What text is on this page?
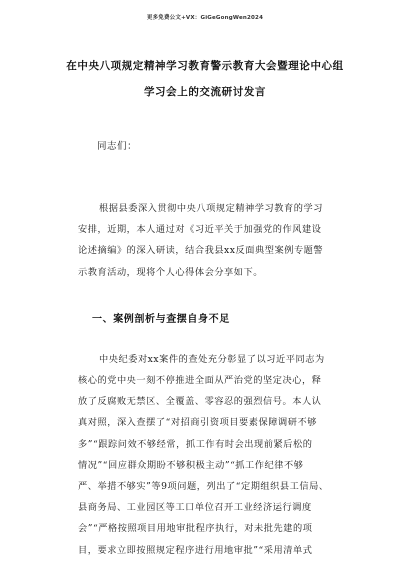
更多免费公文+VX：GiGeGongWen2024
在中央八项规定精神学习教育警示教育大会暨理论中心组
学习会上的交流研讨发言
同志们：
根据县委深入贯彻中央八项规定精神学习教育的学习
安排，近期，本人通过对《习近平关于加强党的作风建设
论述摘编》的深入研读，结合我县xx反面典型案例专题警
示教育活动，现将个人心得体会分享如下。
一、案例剖析与查摆自身不足
中央纪委对xx案件的查处充分彰显了以习近平同志为
核心的党中央一刻不停推进全面从严治党的坚定决心，释
放了反腐败无禁区、全覆盖、零容忍的强烈信号。本人认
真对照，深入查摆了“对招商引资项目要素保障调研不够
多”“跟踪问效不够经常，抓工作有时会出现前紧后松的
情况”“回应群众期盼不够积极主动”“抓工作纪律不够
严、举措不够实”等9项问题，列出了“定期组织县工信局、
县商务局、工业园区等工口单位召开工业经济运行调度
会”“严格按照项目用地审批程序执行，对未批先建的项
目，要求立即按照规定程序进行用地审批”“采用清单式
